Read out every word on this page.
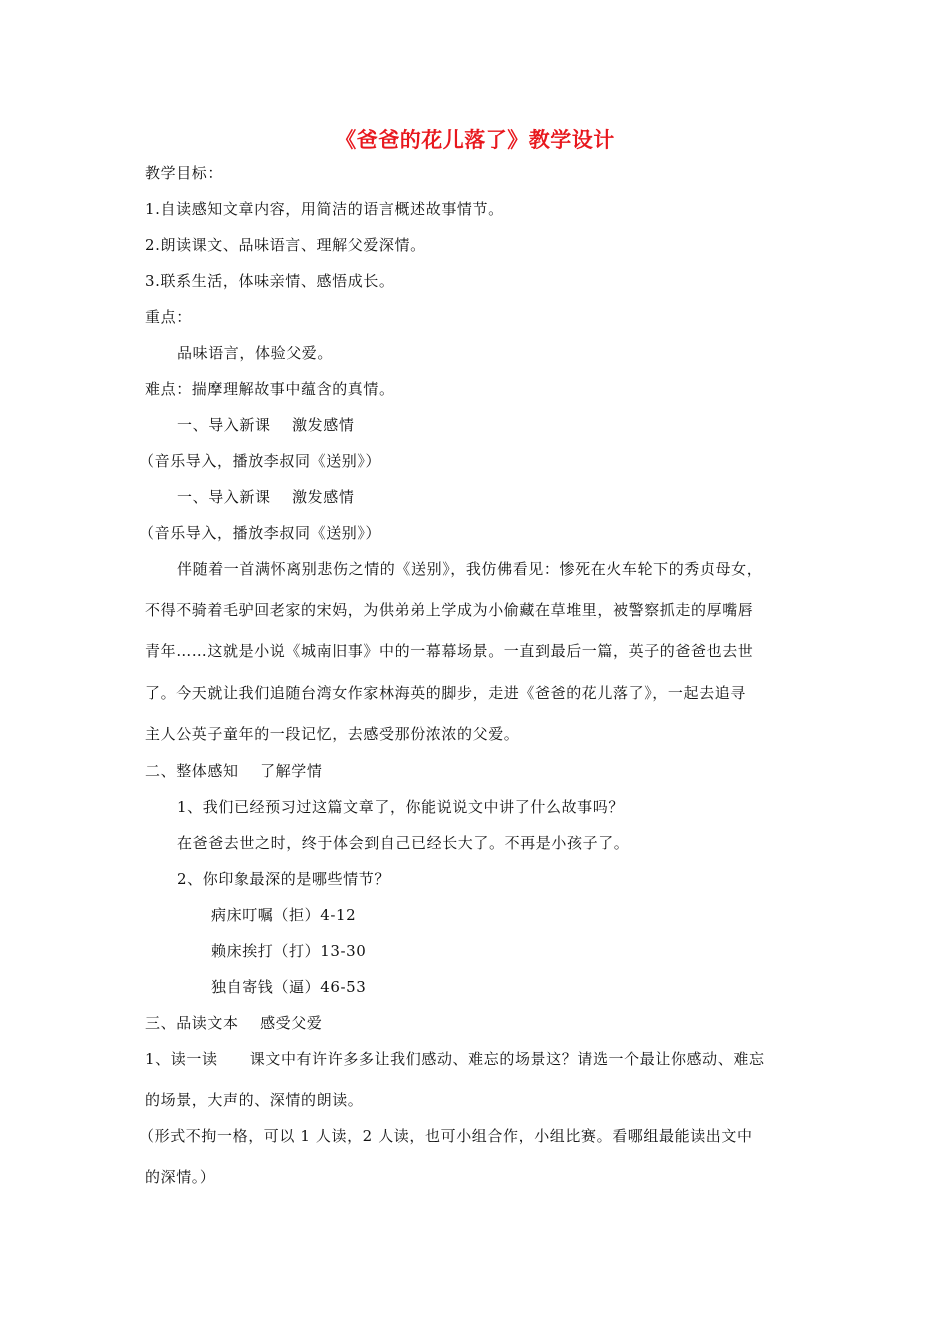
《爸爸的花儿落了》教学设计
教学目标：
1.自读感知文章内容，用简洁的语言概述故事情节。
2.朗读课文、品味语言、理解父爱深情。
3.联系生活，体味亲情、感悟成长。
重点：
品味语言，体验父爱。
难点：揣摩理解故事中蕴含的真情。
一、导入新课    激发感情
（音乐导入，播放李叔同《送别》）
一、导入新课    激发感情
（音乐导入，播放李叔同《送别》）
伴随着一首满怀离别悲伤之情的《送别》，我仿佛看见：惨死在火车轮下的秀贞母女，
不得不骑着毛驴回老家的宋妈，为供弟弟上学成为小偷藏在草堆里，被警察抓走的厚嘴唇
青年……这就是小说《城南旧事》中的一幕幕场景。一直到最后一篇，英子的爸爸也去世
了。今天就让我们追随台湾女作家林海英的脚步，走进《爸爸的花儿落了》，一起去追寻
主人公英子童年的一段记忆，去感受那份浓浓的父爱。
二、整体感知    了解学情
1、我们已经预习过这篇文章了，你能说说文中讲了什么故事吗？
在爸爸去世之时，终于体会到自己已经长大了。不再是小孩子了。
2、你印象最深的是哪些情节？
病床叮嘱（拒）4-12
赖床挨打（打）13-30
独自寄钱（逼）46-53
三、品读文本    感受父爱
1、读一读      课文中有许许多多让我们感动、难忘的场景这？请选一个最让你感动、难忘
的场景，大声的、深情的朗读。
（形式不拘一格，可以 1 人读，2 人读，也可小组合作，小组比赛。看哪组最能读出文中
的深情。）
